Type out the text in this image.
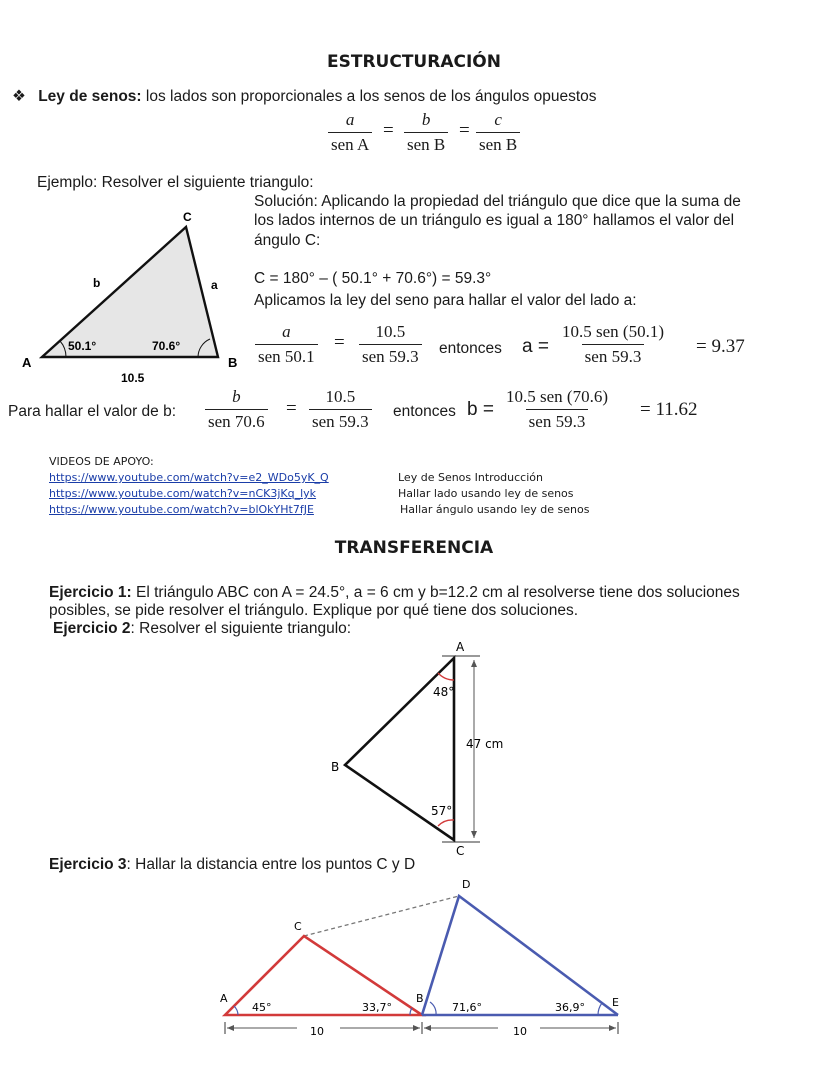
ESTRUCTURACIÓN
❖ Ley de senos: los lados son proporcionales a los senos de los ángulos opuestos
a
sen A
=
b
sen B
=
c
sen B
Ejemplo: Resolver el siguiente triangulo:
Solución: Aplicando la propiedad del triángulo que dice que la suma de
los lados internos de un triángulo es igual a 180° hallamos el valor del
ángulo C:
C = 180° – ( 50.1° + 70.6°) = 59.3°
Aplicamos la ley del seno para hallar el valor del lado a:
C
b	a
A	B
50.1°	70.6°
10.5
a
sen 50.1
=
10.5
sen 59.3 entonces a =
10.5 sen (50.1)
sen 59.3	= 9.37
Para hallar el valor de b:
b
sen 70.6
=
10.5
sen 59.3
entonces b =
10.5 sen (70.6)
sen 59.3
= 11.62
VIDEOS DE APOYO:
https://www.youtube.com/watch?v=e2_WDo5yK_Q	Ley de Senos Introducción
https://www.youtube.com/watch?v=nCK3jKq_lyk	Hallar lado usando ley de senos
https://www.youtube.com/watch?v=blOkYHt7fJE	Hallar ángulo usando ley de senos
TRANSFERENCIA
Ejercicio 1: El triángulo ABC con A = 24.5°, a = 6 cm y b=12.2 cm al resolverse tiene dos soluciones
posibles, se pide resolver el triángulo. Explique por qué tiene dos soluciones.
Ejercicio 2: Resolver el siguiente triangulo:
A
B
C
48°
57°
47 cm
Ejercicio 3: Hallar la distancia entre los puntos C y D
D
C
A	B	E
45°	33,7°	71,6°	36,9°
10	10
